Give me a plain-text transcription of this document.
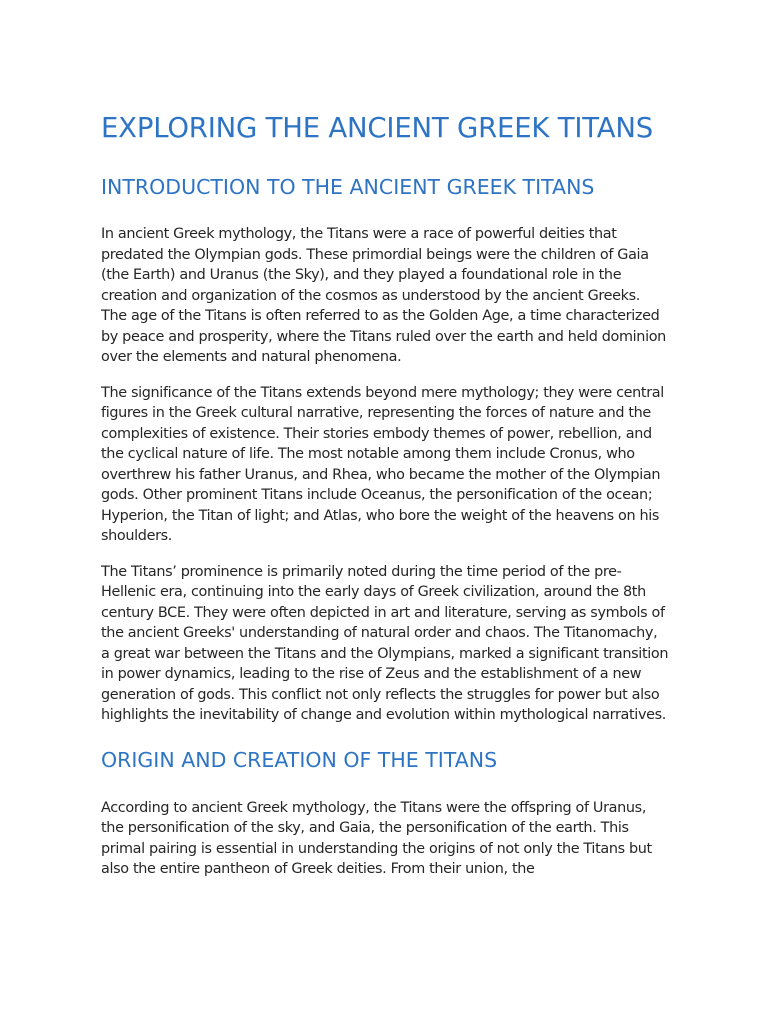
EXPLORING THE ANCIENT GREEK TITANS
INTRODUCTION TO THE ANCIENT GREEK TITANS

In ancient Greek mythology, the Titans were a race of powerful deities that predated the Olympian gods. These primordial beings were the children of Gaia (the Earth) and Uranus (the Sky), and they played a foundational role in the creation and organization of the cosmos as understood by the ancient Greeks. The age of the Titans is often referred to as the Golden Age, a time characterized by peace and prosperity, where the Titans ruled over the earth and held dominion over the elements and natural phenomena.

The significance of the Titans extends beyond mere mythology; they were central figures in the Greek cultural narrative, representing the forces of nature and the complexities of existence. Their stories embody themes of power, rebellion, and the cyclical nature of life. The most notable among them include Cronus, who overthrew his father Uranus, and Rhea, who became the mother of the Olympian gods. Other prominent Titans include Oceanus, the personification of the ocean; Hyperion, the Titan of light; and Atlas, who bore the weight of the heavens on his shoulders.

The Titans’ prominence is primarily noted during the time period of the pre-Hellenic era, continuing into the early days of Greek civilization, around the 8th century BCE. They were often depicted in art and literature, serving as symbols of the ancient Greeks' understanding of natural order and chaos. The Titanomachy, a great war between the Titans and the Olympians, marked a significant transition in power dynamics, leading to the rise of Zeus and the establishment of a new generation of gods. This conflict not only reflects the struggles for power but also highlights the inevitability of change and evolution within mythological narratives.

ORIGIN AND CREATION OF THE TITANS

According to ancient Greek mythology, the Titans were the offspring of Uranus, the personification of the sky, and Gaia, the personification of the earth. This primal pairing is essential in understanding the origins of not only the Titans but also the entire pantheon of Greek deities. From their union, the
